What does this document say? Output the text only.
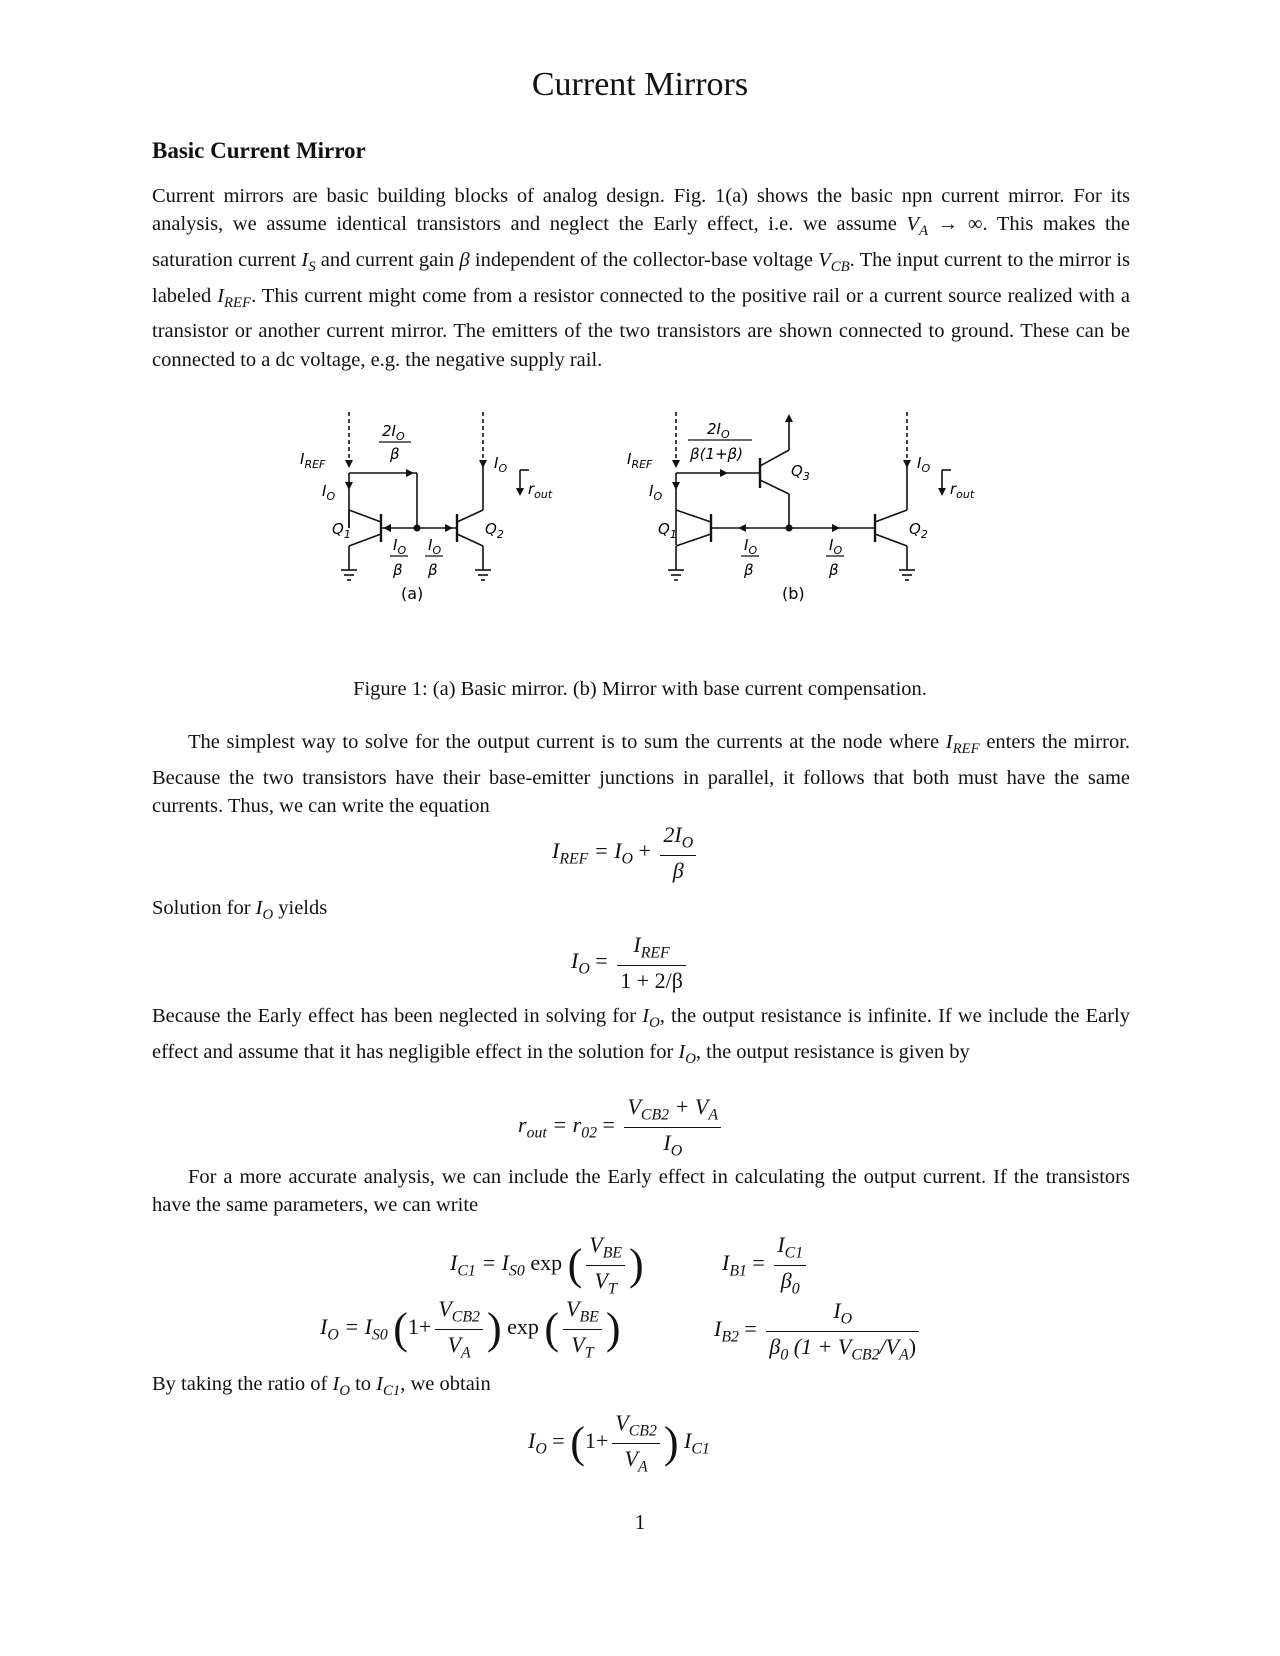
Current Mirrors
Basic Current Mirror
Current mirrors are basic building blocks of analog design. Fig. 1(a) shows the basic npn current mirror. For its analysis, we assume identical transistors and neglect the Early effect, i.e. we assume $V_A$ → ∞. This makes the saturation current $I_S$ and current gain β independent of the collector-base voltage $V_{CB}$. The input current to the mirror is labeled $I_{REF}$. This current might come from a resistor connected to the positive rail or a current source realized with a transistor or another current mirror. The emitters of the two transistors are shown connected to ground. These can be connected to a dc voltage, e.g. the negative supply rail.
$I_{REF}$
$I_O$
$2I_O$
β
$Q_1$	$Q_2$
$I_O$
β
$I_O$
β
$I_O$
$r_{out}$
(a)
$I_{REF}$
$I_O$
$2I_O$
β(1+β)
$Q_1$	$Q_2$
$Q_3$
$I_O$
β
$I_O$
β
$I_O$
$r_{out}$
(b)
Figure 1: (a) Basic mirror. (b) Mirror with base current compensation.
The simplest way to solve for the output current is to sum the currents at the node where $I_{REF}$ enters the mirror. Because the two transistors have their base-emitter junctions in parallel, it follows that both must have the same currents. Thus, we can write the equation
$I_{REF} = I_O + \frac{2I_O}{\beta}$
Solution for $I_O$ yields
$I_O = \frac{I_{REF}}{1 + 2/\beta}$
Because the Early effect has been neglected in solving for $I_O$, the output resistance is infinite. If we include the Early effect and assume that it has negligible effect in the solution for $I_O$, the output resistance is given by
$r_{out} = r_{02} = \frac{V_{CB2} + V_A}{I_O}$
For a more accurate analysis, we can include the Early effect in calculating the output current. If the transistors have the same parameters, we can write
$I_{C1} = I_{S0}$ exp ( $\frac{V_{BE}}{V_T}$ )	$I_{B1} = \frac{I_{C1}}{\beta_0}$
$I_O = I_{S0}$ ($1+ \frac{V_{CB2}}{V_A}$ ) exp ( $\frac{V_{BE}}{V_T}$ )	$I_{B2} = \frac{I_O}{\beta_0 (1 + V_{CB2}/V_A)}$
By taking the ratio of $I_O$ to $I_{C1}$, we obtain
$I_O = (1+ \frac{V_{CB2}}{V_A}$ ) $I_{C1}$
1
